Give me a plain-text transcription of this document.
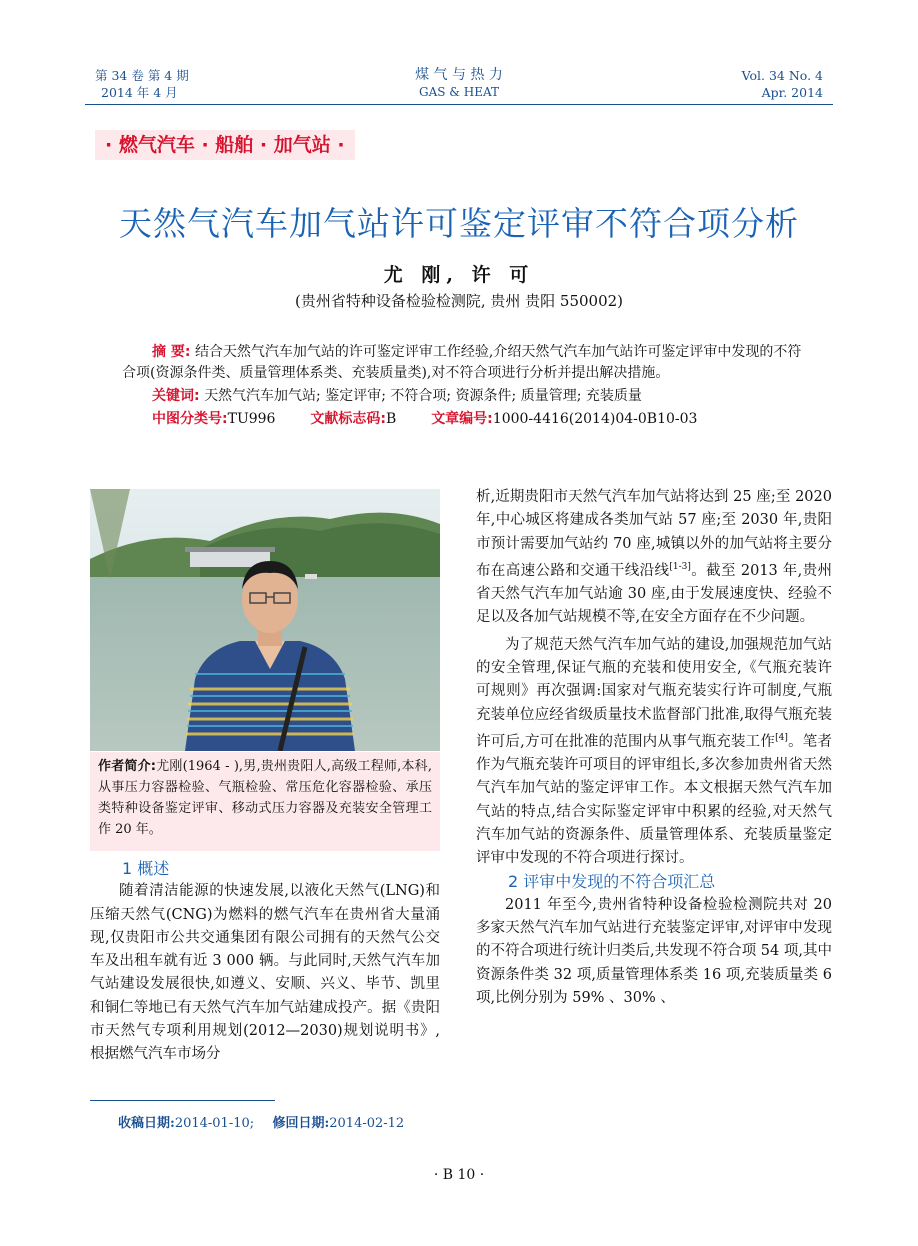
第 34 卷 第 4 期
2014 年 4 月
煤 气 与 热 力
GAS & HEAT
Vol. 34 No. 4
Apr. 2014
· 燃气汽车 · 船舶 · 加气站 ·
天然气汽车加气站许可鉴定评审不符合项分析
尤 刚, 许 可
(贵州省特种设备检验检测院, 贵州 贵阳 550002)
摘 要: 结合天然气汽车加气站的许可鉴定评审工作经验,介绍天然气汽车加气站许可鉴定评审中发现的不符合项(资源条件类、质量管理体系类、充装质量类),对不符合项进行分析并提出解决措施。
关键词: 天然气汽车加气站; 鉴定评审; 不符合项; 资源条件; 质量管理; 充装质量
中图分类号:TU996 文献标志码:B 文章编号:1000-4416(2014)04-0B10-03
作者简介:尤刚(1964 - ),男,贵州贵阳人,高级工程师,本科,从事压力容器检验、气瓶检验、常压危化容器检验、承压类特种设备鉴定评审、移动式压力容器及充装安全管理工作 20 年。

1 概述

随着清洁能源的快速发展,以液化天然气(LNG)和压缩天然气(CNG)为燃料的燃气汽车在贵州省大量涌现,仅贵阳市公共交通集团有限公司拥有的天然气公交车及出租车就有近 3 000 辆。与此同时,天然气汽车加气站建设发展很快,如遵义、安顺、兴义、毕节、凯里和铜仁等地已有天然气汽车加气站建成投产。据《贵阳市天然气专项利用规划(2012—2030)规划说明书》,根据燃气汽车市场分

析,近期贵阳市天然气汽车加气站将达到 25 座;至 2020 年,中心城区将建成各类加气站 57 座;至 2030 年,贵阳市预计需要加气站约 70 座,城镇以外的加气站将主要分布在高速公路和交通干线沿线[1-3]。截至 2013 年,贵州省天然气汽车加气站逾 30 座,由于发展速度快、经验不足以及各加气站规模不等,在安全方面存在不少问题。

为了规范天然气汽车加气站的建设,加强规范加气站的安全管理,保证气瓶的充装和使用安全,《气瓶充装许可规则》再次强调:国家对气瓶充装实行许可制度,气瓶充装单位应经省级质量技术监督部门批准,取得气瓶充装许可后,方可在批准的范围内从事气瓶充装工作[4]。笔者作为气瓶充装许可项目的评审组长,多次参加贵州省天然气汽车加气站的鉴定评审工作。本文根据天然气汽车加气站的特点,结合实际鉴定评审中积累的经验,对天然气汽车加气站的资源条件、质量管理体系、充装质量鉴定评审中发现的不符合项进行探讨。

2 评审中发现的不符合项汇总

2011 年至今,贵州省特种设备检验检测院共对 20 多家天然气汽车加气站进行充装鉴定评审,对评审中发现的不符合项进行统计归类后,共发现不符合项 54 项,其中资源条件类 32 项,质量管理体系类 16 项,充装质量类 6 项,比例分别为 59% 、30% 、

收稿日期:2014-01-10; 修回日期:2014-02-12
· B 10 ·
